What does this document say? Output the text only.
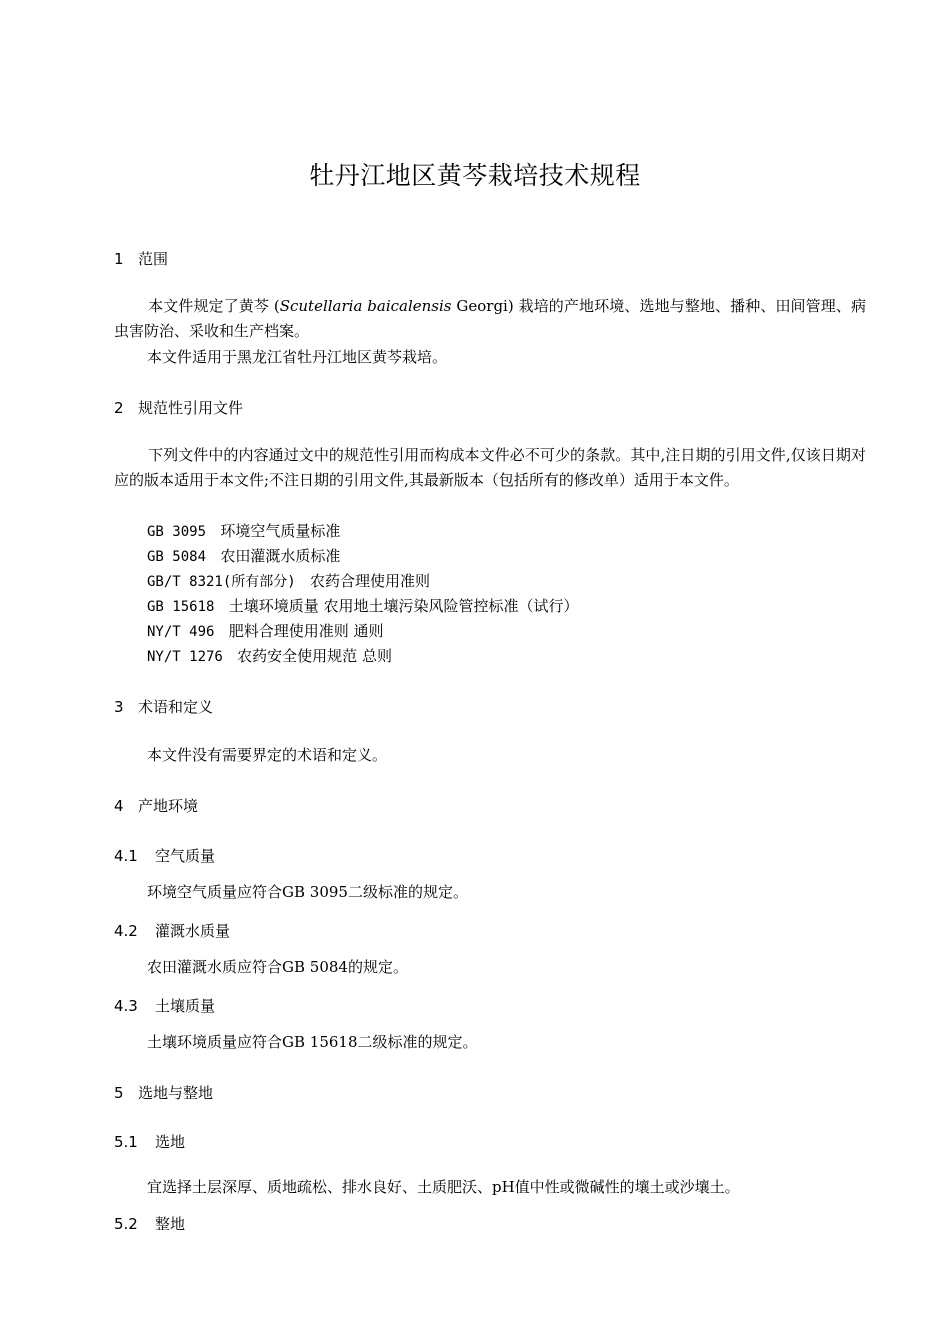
牡丹江地区黄芩栽培技术规程
1 范围
本文件规定了黄芩 (Scutellaria baicalensis Georgi) 栽培的产地环境、选地与整地、播种、田间管理、病虫害防治、采收和生产档案。
本文件适用于黑龙江省牡丹江地区黄芩栽培。
2 规范性引用文件
下列文件中的内容通过文中的规范性引用而构成本文件必不可少的条款。其中,注日期的引用文件,仅该日期对应的版本适用于本文件;不注日期的引用文件,其最新版本（包括所有的修改单）适用于本文件。
GB 3095 环境空气质量标准
GB 5084 农田灌溉水质标准
GB/T 8321(所有部分) 农药合理使用准则
GB 15618 土壤环境质量 农用地土壤污染风险管控标准（试行）
NY/T 496 肥料合理使用准则 通则
NY/T 1276 农药安全使用规范 总则
3 术语和定义
本文件没有需要界定的术语和定义。
4 产地环境
4.1 空气质量
环境空气质量应符合GB 3095二级标准的规定。
4.2 灌溉水质量
农田灌溉水质应符合GB 5084的规定。
4.3 土壤质量
土壤环境质量应符合GB 15618二级标准的规定。
5 选地与整地
5.1 选地
宜选择土层深厚、质地疏松、排水良好、土质肥沃、pH值中性或微碱性的壤土或沙壤土。
5.2 整地
